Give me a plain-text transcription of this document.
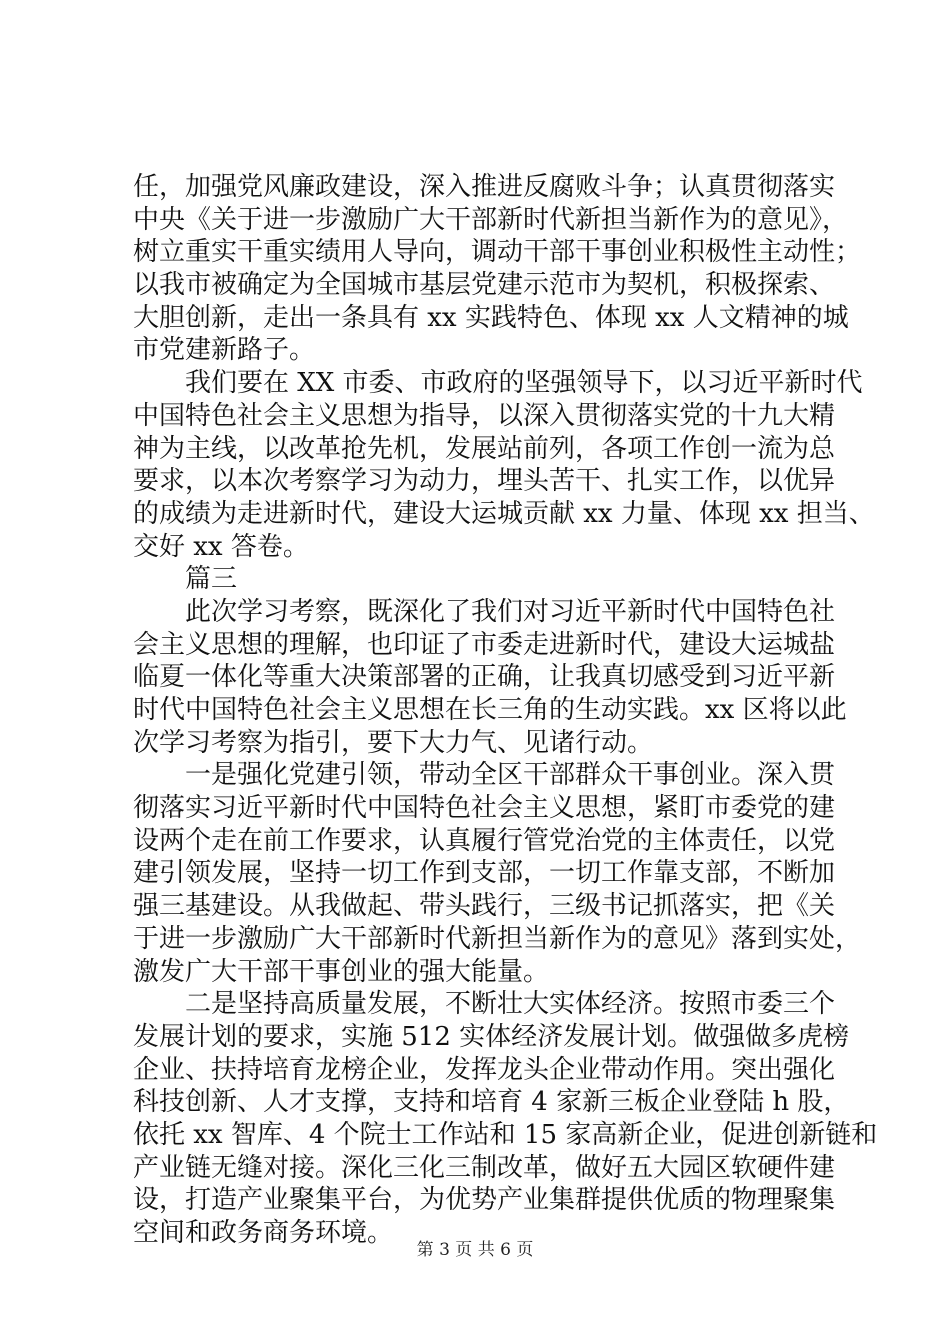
任，加强党风廉政建设，深入推进反腐败斗争；认真贯彻落实
中央《关于进一步激励广大干部新时代新担当新作为的意见》，
树立重实干重实绩用人导向，调动干部干事创业积极性主动性；
以我市被确定为全国城市基层党建示范市为契机，积极探索、
大胆创新，走出一条具有 xx 实践特色、体现 xx 人文精神的城
市党建新路子。
我们要在 XX 市委、市政府的坚强领导下，以习近平新时代
中国特色社会主义思想为指导，以深入贯彻落实党的十九大精
神为主线，以改革抢先机，发展站前列，各项工作创一流为总
要求，以本次考察学习为动力，埋头苦干、扎实工作，以优异
的成绩为走进新时代，建设大运城贡献 xx 力量、体现 xx 担当、
交好 xx 答卷。
篇三
此次学习考察，既深化了我们对习近平新时代中国特色社
会主义思想的理解，也印证了市委走进新时代，建设大运城盐
临夏一体化等重大决策部署的正确，让我真切感受到习近平新
时代中国特色社会主义思想在长三角的生动实践。xx 区将以此
次学习考察为指引，要下大力气、见诸行动。
一是强化党建引领，带动全区干部群众干事创业。深入贯
彻落实习近平新时代中国特色社会主义思想，紧盯市委党的建
设两个走在前工作要求，认真履行管党治党的主体责任，以党
建引领发展，坚持一切工作到支部，一切工作靠支部，不断加
强三基建设。从我做起、带头践行，三级书记抓落实，把《关
于进一步激励广大干部新时代新担当新作为的意见》落到实处，
激发广大干部干事创业的强大能量。
二是坚持高质量发展，不断壮大实体经济。按照市委三个
发展计划的要求，实施 512 实体经济发展计划。做强做多虎榜
企业、扶持培育龙榜企业，发挥龙头企业带动作用。突出强化
科技创新、人才支撑，支持和培育 4 家新三板企业登陆 h 股，
依托 xx 智库、4 个院士工作站和 15 家高新企业，促进创新链和
产业链无缝对接。深化三化三制改革，做好五大园区软硬件建
设，打造产业聚集平台，为优势产业集群提供优质的物理聚集
空间和政务商务环境。
第 3 页 共 6 页
